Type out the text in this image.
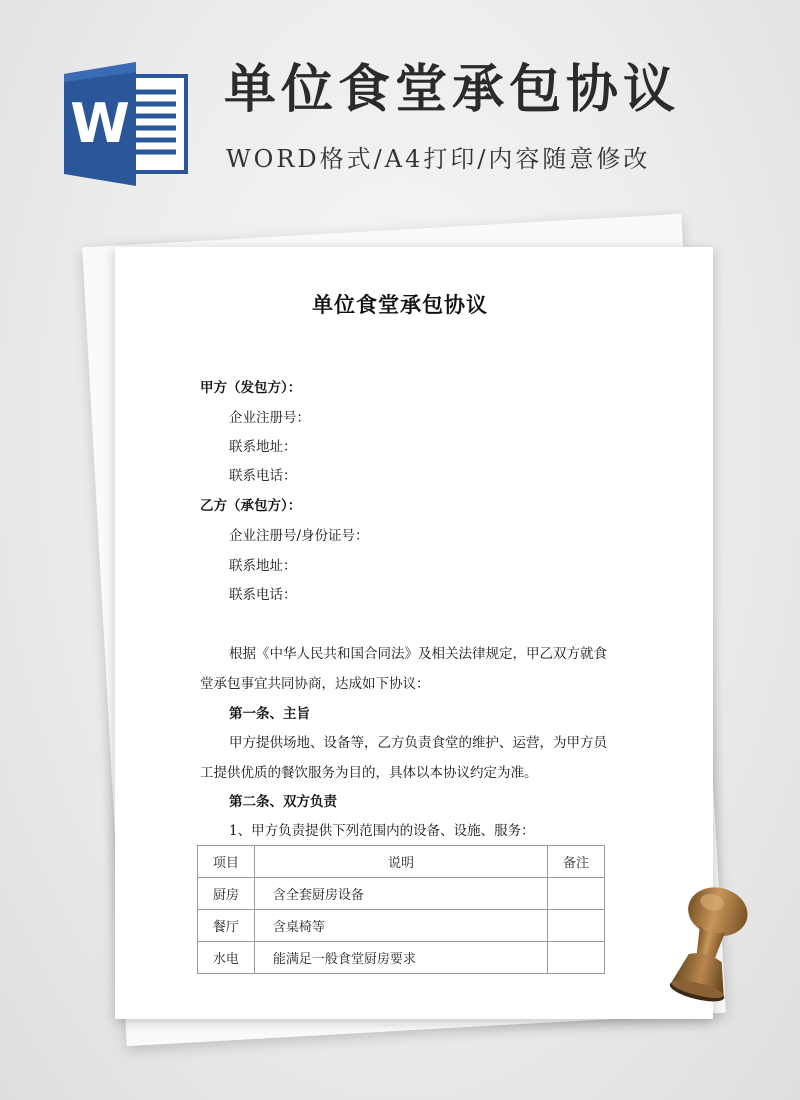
W
单位食堂承包协议
WORD格式/A4打印/内容随意修改
单位食堂承包协议
甲方（发包方）：
企业注册号：
联系地址：
联系电话：
乙方（承包方）：
企业注册号/身份证号：
联系地址：
联系电话：
根据《中华人民共和国合同法》及相关法律规定，甲乙双方就食
堂承包事宜共同协商，达成如下协议：
第一条、主旨
甲方提供场地、设备等，乙方负责食堂的维护、运营，为甲方员
工提供优质的餐饮服务为目的，具体以本协议约定为准。
第二条、双方负责
1、甲方负责提供下列范围内的设备、设施、服务：
项目	说明	备注
厨房	含全套厨房设备	
餐厅	含桌椅等	
水电	能满足一般食堂厨房要求	
